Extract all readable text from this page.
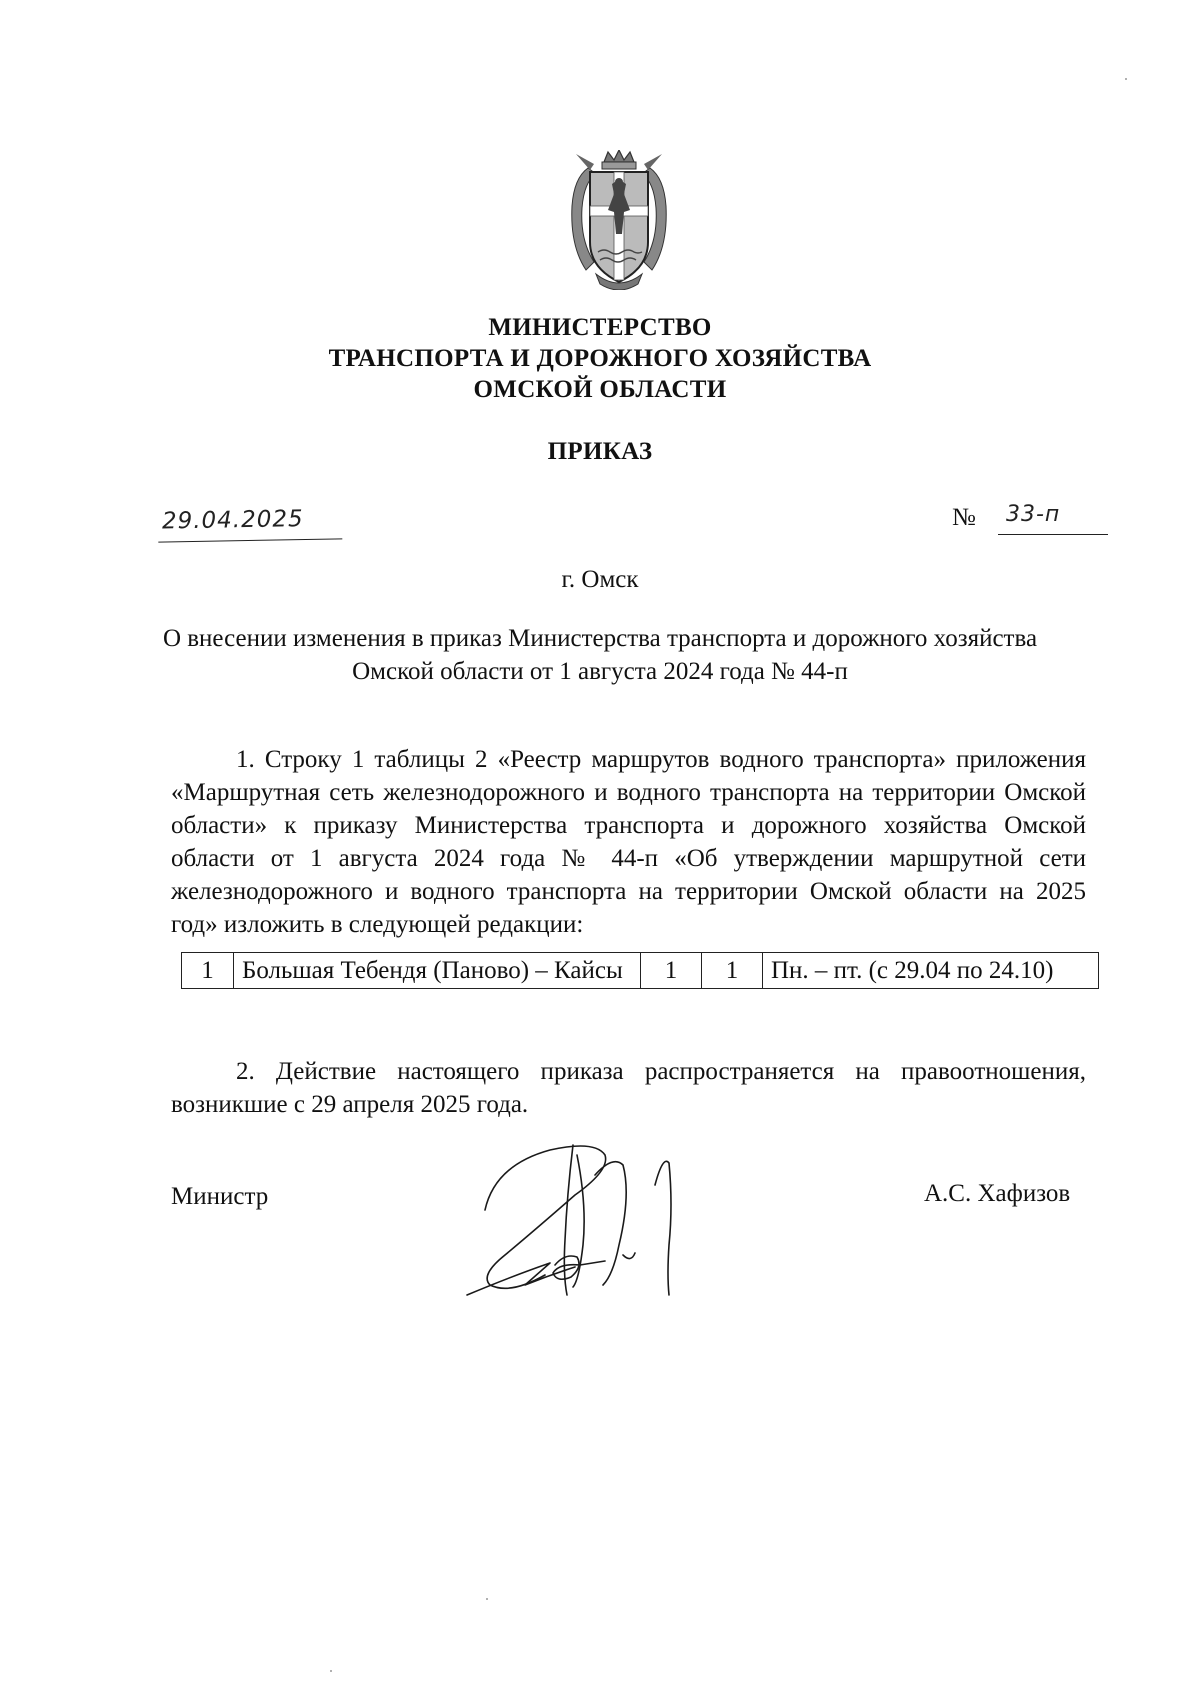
МИНИСТЕРСТВО
ТРАНСПОРТА И ДОРОЖНОГО ХОЗЯЙСТВА
ОМСКОЙ ОБЛАСТИ
ПРИКАЗ
29.04.2025	№	33-п
г. Омск
О внесении изменения в приказ Министерства транспорта и дорожного хозяйства Омской области от 1 августа 2024 года № 44-п
1. Строку 1 таблицы 2 «Реестр маршрутов водного транспорта» приложения «Маршрутная сеть железнодорожного и водного транспорта на территории Омской области» к приказу Министерства транспорта и дорожного хозяйства Омской области от 1 августа 2024 года № 44-п «Об утверждении маршрутной сети железнодорожного и водного транспорта на территории Омской области на 2025 год» изложить в следующей редакции:
1	Большая Тебендя (Паново) – Кайсы	1	1	Пн. – пт. (с 29.04 по 24.10)
2. Действие настоящего приказа распространяется на правоотношения, возникшие с 29 апреля 2025 года.
Министр	А.С. Хафизов
